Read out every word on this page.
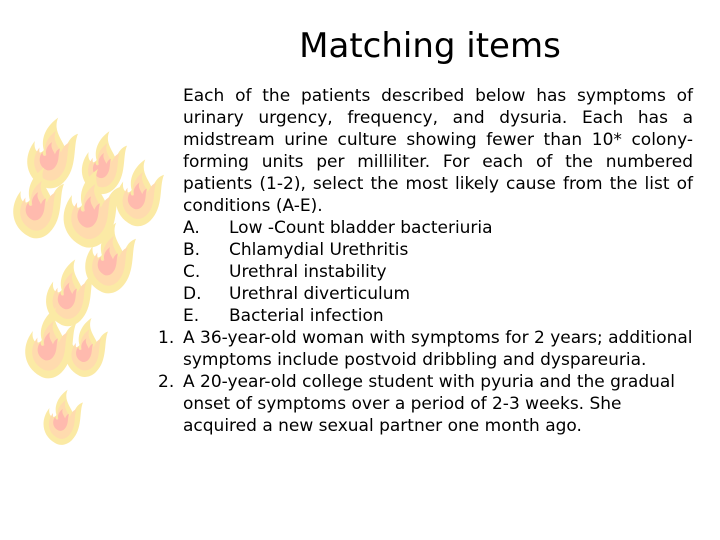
Matching items

Each of the patients described below has symptoms of urinary urgency, frequency, and dysuria. Each has a midstream urine culture showing fewer than 10* colony-forming units per milliliter. For each of the numbered patients (1-2), select the most likely cause from the list of conditions (A-E).

A.	Low -Count bladder bacteriuria
B.	Chlamydial Urethritis
C.	Urethral instability
D.	Urethral diverticulum
E.	Bacterial infection
1. A 36-year-old woman with symptoms for 2 years; additional symptoms include postvoid dribbling and dyspareuria.
2. A 20-year-old college student with pyuria and the gradual onset of symptoms over a period of 2-3 weeks. She acquired a new sexual partner one month ago.
